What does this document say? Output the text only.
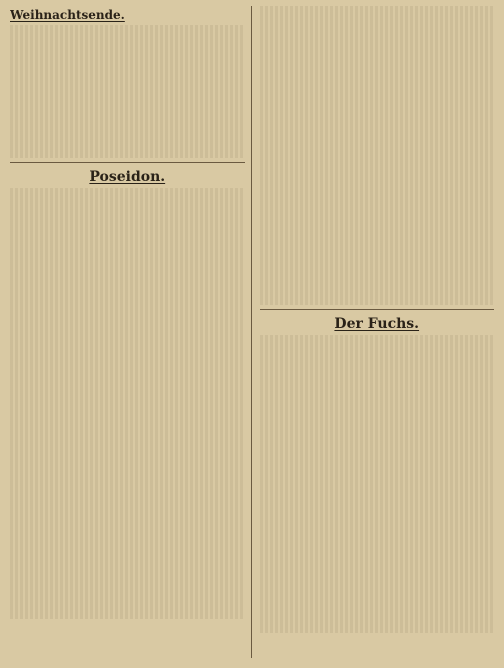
Weihnachtsende.
Poseidon.
Der Fuchs.
